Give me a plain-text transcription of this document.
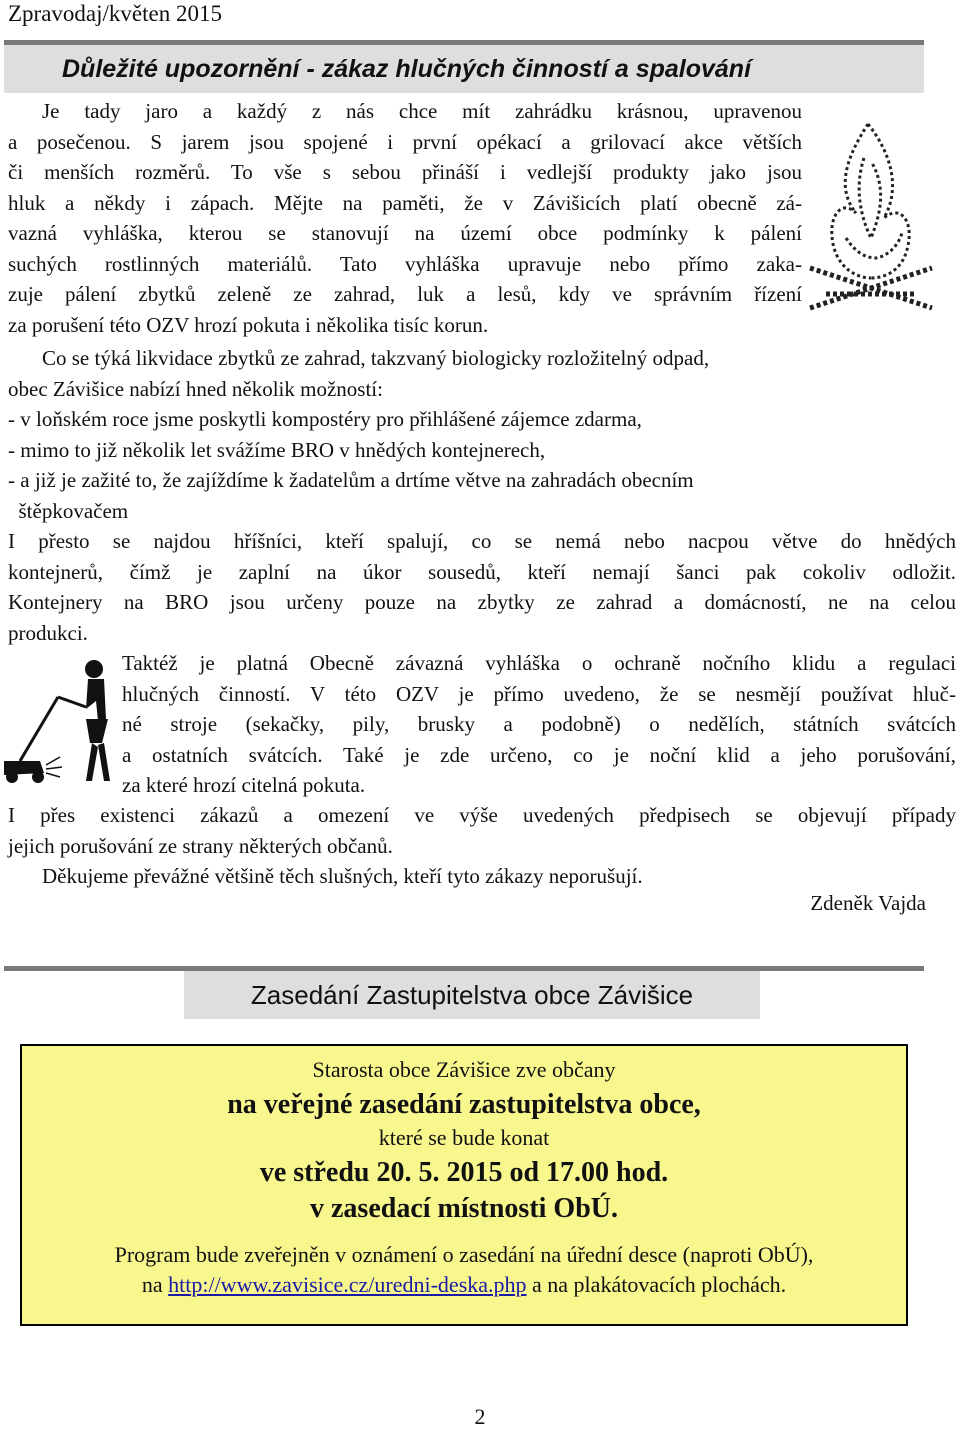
Zpravodaj/květen 2015
Důležité upozornění - zákaz hlučných činností a spalování
Je tady jaro a každý z nás chce mít zahrádku krásnou, upravenou
a posečenou. S jarem jsou spojené i první opékací a grilovací akce větších
či menších rozměrů. To vše s sebou přináší i vedlejší produkty jako jsou
hluk a někdy i zápach. Mějte na paměti, že v Závišicích platí obecně zá-
vazná vyhláška, kterou se stanovují na území obce podmínky k pálení
suchých rostlinných materiálů. Tato vyhláška upravuje nebo přímo zaka-
zuje pálení zbytků zeleně ze zahrad, luk a lesů, kdy ve správním řízení
za porušení této OZV hrozí pokuta i několika tisíc korun.
Co se týká likvidace zbytků ze zahrad, takzvaný biologicky rozložitelný odpad,
obec Závišice nabízí hned několik možností:
- v loňském roce jsme poskytli kompostéry pro přihlášené zájemce zdarma,
- mimo to již několik let svážíme BRO v hnědých kontejnerech,
- a již je zažité to, že zajíždíme k žadatelům a drtíme větve na zahradách obecním
štěpkovačem
I přesto se najdou hříšníci, kteří spalují, co se nemá nebo nacpou větve do hnědých
kontejnerů, čímž je zaplní na úkor sousedů, kteří nemají šanci pak cokoliv odložit.
Kontejnery na BRO jsou určeny pouze na zbytky ze zahrad a domácností, ne na celou
produkci.
Taktéž je platná Obecně závazná vyhláška o ochraně nočního klidu a regulaci
hlučných činností. V této OZV je přímo uvedeno, že se nesmějí používat hluč-
né stroje (sekačky, pily, brusky a podobně) o nedělích, státních svátcích
a ostatních svátcích. Také je zde určeno, co je noční klid a jeho porušování,
za které hrozí citelná pokuta.
I přes existenci zákazů a omezení ve výše uvedených předpisech se objevují případy
jejich porušování ze strany některých občanů.
Děkujeme převážné většině těch slušných, kteří tyto zákazy neporušují.
Zdeněk Vajda
Zasedání Zastupitelstva obce Závišice
Starosta obce Závišice zve občany
na veřejné zasedání zastupitelstva obce,
které se bude konat
ve středu 20. 5. 2015 od 17.00 hod.
v zasedací místnosti ObÚ.
Program bude zveřejněn v oznámení o zasedání na úřední desce (naproti ObÚ),
na http://www.zavisice.cz/uredni-deska.php a na plakátovacích plochách.
2
